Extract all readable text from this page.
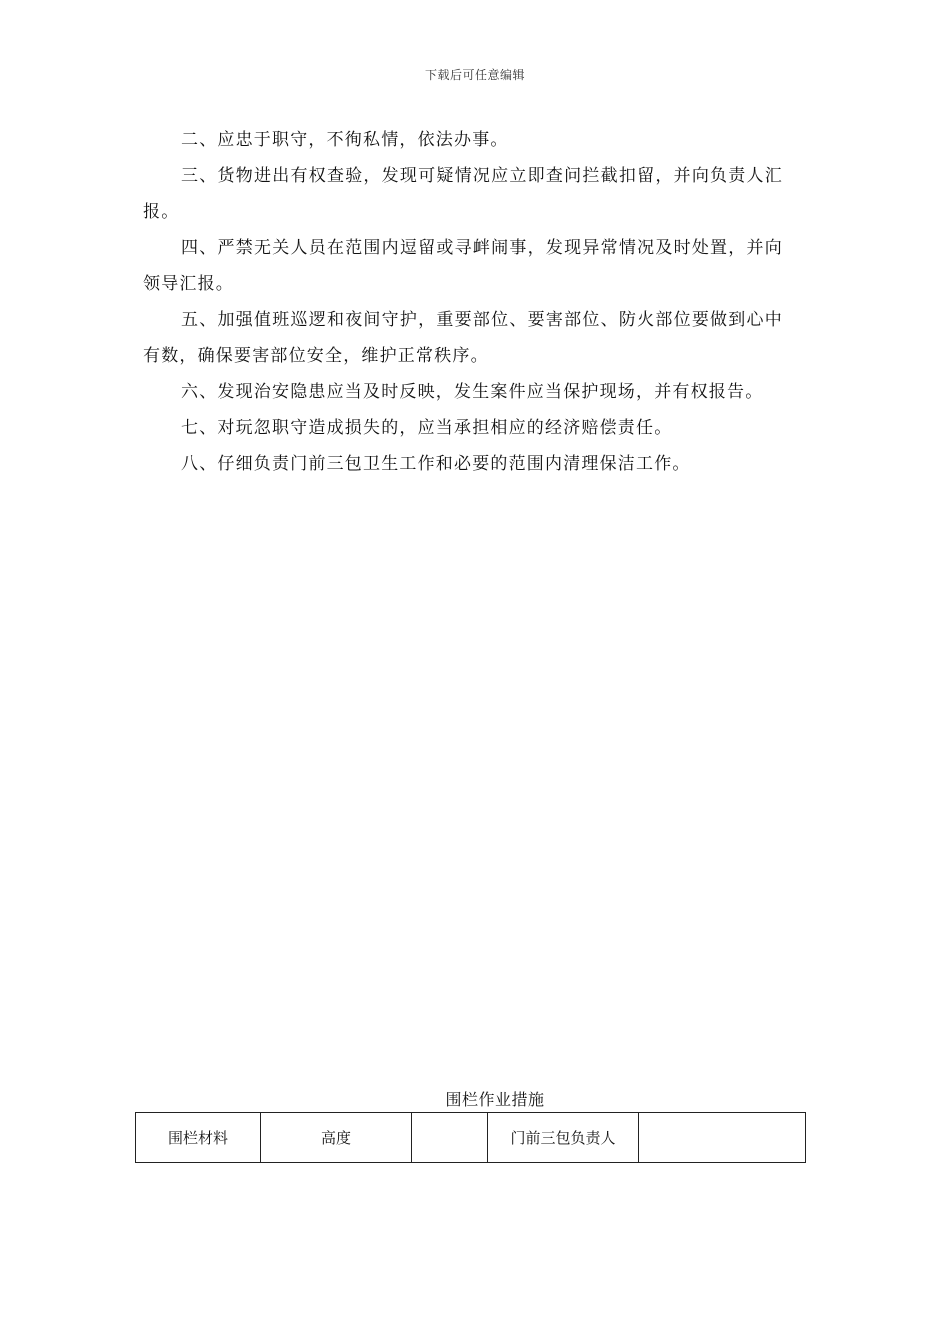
下载后可任意编辑

二、应忠于职守，不徇私情，依法办事。

三、货物进出有权查验，发现可疑情况应立即查问拦截扣留，并向负责人汇报。

四、严禁无关人员在范围内逗留或寻衅闹事，发现异常情况及时处置，并向领导汇报。

五、加强值班巡逻和夜间守护，重要部位、要害部位、防火部位要做到心中有数，确保要害部位安全，维护正常秩序。

六、发现治安隐患应当及时反映，发生案件应当保护现场，并有权报告。

七、对玩忽职守造成损失的，应当承担相应的经济赔偿责任。

八、仔细负责门前三包卫生工作和必要的范围内清理保洁工作。

围栏作业措施
围栏材料	高度		门前三包负责人	
